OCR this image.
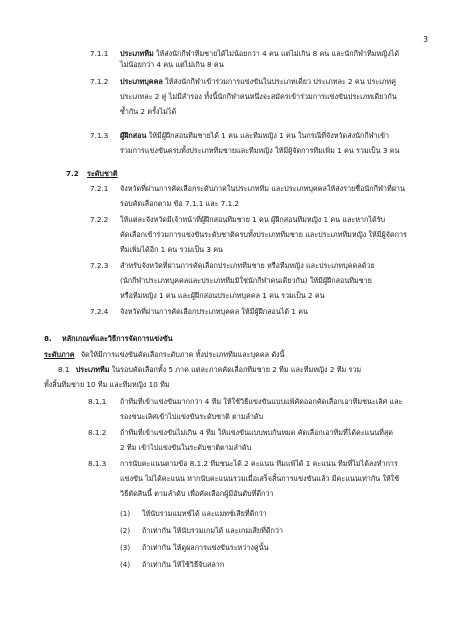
3
7.1.1	ประเภททีม ให้ส่งนักกีฬาทีมชายได้ไม่น้อยกว่า 4 คน แต่ไม่เกิน 8 คน และนักกีฬาทีมหญิงได้
ไม่น้อยกว่า 4 คน แต่ไม่เกิน 8 คน
7.1.2	ประเภทบุคคล ให้ส่งนักกีฬาเข้าร่วมการแข่งขันในประเภทเดี่ยว ประเภทละ 2 คน ประเภทคู่
ประเภทละ 2 คู่ ไม่มีสำรอง ทั้งนี้นักกีฬาคนหนึ่งจะสมัครเข้าร่วมการแข่งขันประเภทเดียวกัน
ซ้ำกัน 2 ครั้งไม่ได้
7.1.3	ผู้ฝึกสอน ให้มีผู้ฝึกสอนทีมชายได้ 1 คน และทีมหญิง 1 คน ในกรณีที่จังหวัดส่งนักกีฬาเข้า
ร่วมการแข่งขันครบทั้งประเภททีมชายและทีมหญิง ให้มีผู้จัดการทีมเพิ่ม 1 คน รวมเป็น 3 คน
7.2 ระดับชาติ
7.2.1	จังหวัดที่ผ่านการคัดเลือกระดับภาคในประเภททีม และประเภทบุคคลให้ส่งรายชื่อนักกีฬาที่ผ่าน
รอบคัดเลือกตาม ข้อ 7.1.1 และ 7.1.2
7.2.2	ให้แต่ละจังหวัดมีเจ้าหน้าที่ผู้ฝึกสอนทีมชาย 1 คน ผู้ฝึกสอนทีมหญิง 1 คน และหากได้รับ
คัดเลือกเข้าร่วมการแข่งขันระดับชาติครบทั้งประเภททีมชาย และประเภททีมหญิง ให้มีผู้จัดการ
ทีมเพิ่มได้อีก 1 คน รวมเป็น 3 คน
7.2.3	สำหรับจังหวัดที่ผ่านการคัดเลือกประเภททีมชาย หรือทีมหญิง และประเภทบุคคลด้วย
(นักกีฬาประเภทบุคคลและประเภททีมมิใช่นักกีฬาคนเดียวกัน) ให้มีผู้ฝึกสอนทีมชาย
หรือทีมหญิง 1 คน และผู้ฝึกสอนประเภทบุคคล 1 คน รวมเป็น 2 คน
7.2.4	จังหวัดที่ผ่านการคัดเลือกประเภทบุคคล ให้มีผู้ฝึกสอนได้ 1 คน
8. หลักเกณฑ์และวิธีการจัดการแข่งขัน
ระดับภาค จัดให้มีการแข่งขันคัดเลือกระดับภาค ทั้งประเภททีมและบุคคล ดังนี้
8.1 ประเภททีม ในรอบคัดเลือกทั้ง 5 ภาค แต่ละภาคคัดเลือกทีมชาย 2 ทีม และทีมหญิง 2 ทีม รวม
ทั้งสิ้นทีมชาย 10 ทีม และทีมหญิง 10 ทีม
8.1.1	ถ้าทีมที่เข้าแข่งขันมากกว่า 4 ทีม ให้ใช้วิธีแข่งขันแบบแพ้คัดออกคัดเลือกเอาทีมชนะเลิศ และ
รองชนะเลิศเข้าไปแข่งขันระดับชาติ ตามลำดับ
8.1.2	ถ้าทีมที่เข้าแข่งขันไม่เกิน 4 ทีม ให้แข่งขันแบบพบกันหมด คัดเลือกเอาทีมที่ได้คะแนนที่สุด
2 ทีม เข้าไปแข่งขันในระดับชาติตามลำดับ
8.1.3	การนับคะแนนตามข้อ 8.1.2 ทีมชนะได้ 2 คะแนน ทีมแพ้ได้ 1 คะแนน ทีมที่ไม่ได้ลงทำการ
แข่งขัน ไม่ได้คะแนน หากนับคะแนนรวมเมื่อเสร็จสิ้นการแข่งขันแล้ว มีคะแนนเท่ากัน ให้ใช้
วิธีตัดสินนี้ ตามลำดับ เพื่อคัดเลือกผู้มีอันดับที่ดีกว่า
(1)	ให้นับรวมแมทช์ได้ และแมทช์เสียที่ดีกว่า
(2)	ถ้าเท่ากัน ให้นับรวมเกมได้ และเกมเสียที่ดีกว่า
(3)	ถ้าเท่ากัน ให้ดูผลการแข่งขันระหว่างคู่นั้น
(4)	ถ้าเท่ากัน ให้ใช้วิธีจับสลาก
